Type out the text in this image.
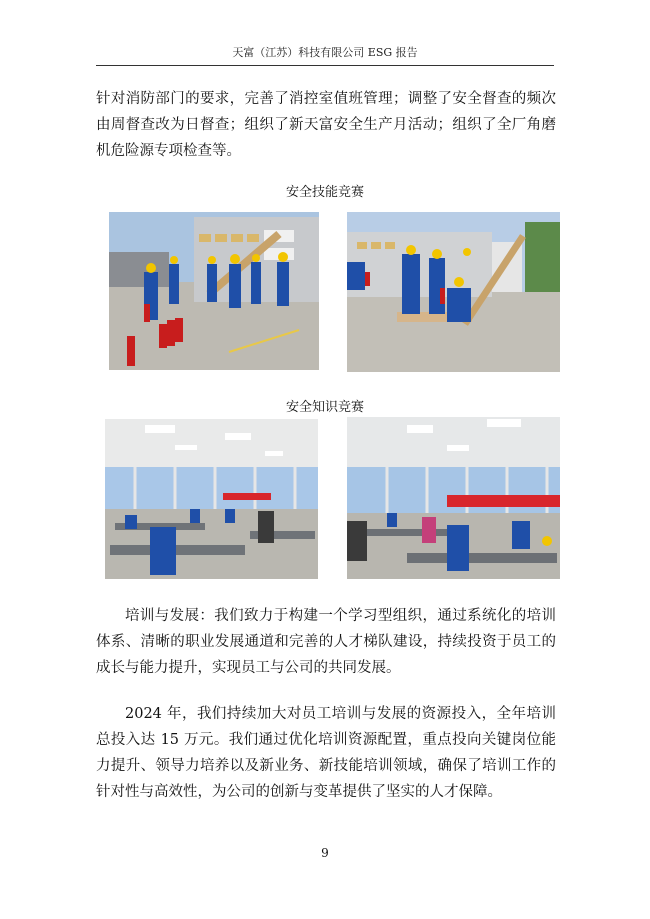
天富（江苏）科技有限公司 ESG 报告

针对消防部门的要求，完善了消控室值班管理；调整了安全督查的频次由周督查改为日督查；组织了新天富安全生产月活动；组织了全厂角磨机危险源专项检查等。

安全技能竞赛
安全知识竞赛

培训与发展：我们致力于构建一个学习型组织，通过系统化的培训体系、清晰的职业发展通道和完善的人才梯队建设，持续投资于员工的成长与能力提升，实现员工与公司的共同发展。

2024 年，我们持续加大对员工培训与发展的资源投入，全年培训总投入达 15 万元。我们通过优化培训资源配置，重点投向关键岗位能力提升、领导力培养以及新业务、新技能培训领域，确保了培训工作的针对性与高效性，为公司的创新与变革提供了坚实的人才保障。

9
